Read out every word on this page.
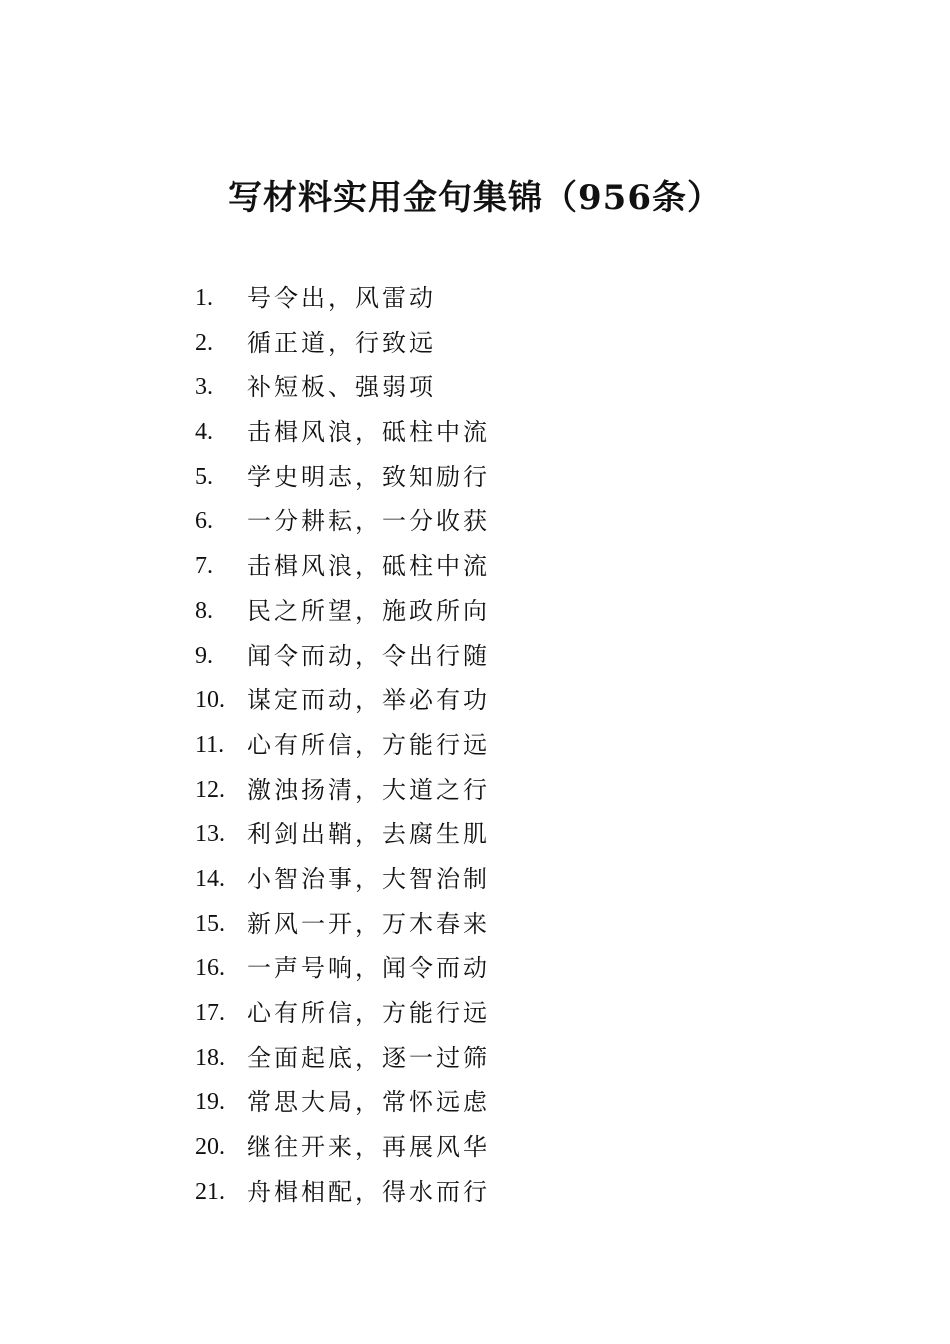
写材料实用金句集锦（956条）
1.	号令出，风雷动
2.	循正道，行致远
3.	补短板、强弱项
4.	击楫风浪，砥柱中流
5.	学史明志，致知励行
6.	一分耕耘，一分收获
7.	击楫风浪，砥柱中流
8.	民之所望，施政所向
9.	闻令而动，令出行随
10. 谋定而动，举必有功
11. 心有所信，方能行远
12. 激浊扬清，大道之行
13. 利剑出鞘，去腐生肌
14. 小智治事，大智治制
15. 新风一开，万木春来
16. 一声号响，闻令而动
17. 心有所信，方能行远
18. 全面起底，逐一过筛
19. 常思大局，常怀远虑
20. 继往开来，再展风华
21. 舟楫相配，得水而行
